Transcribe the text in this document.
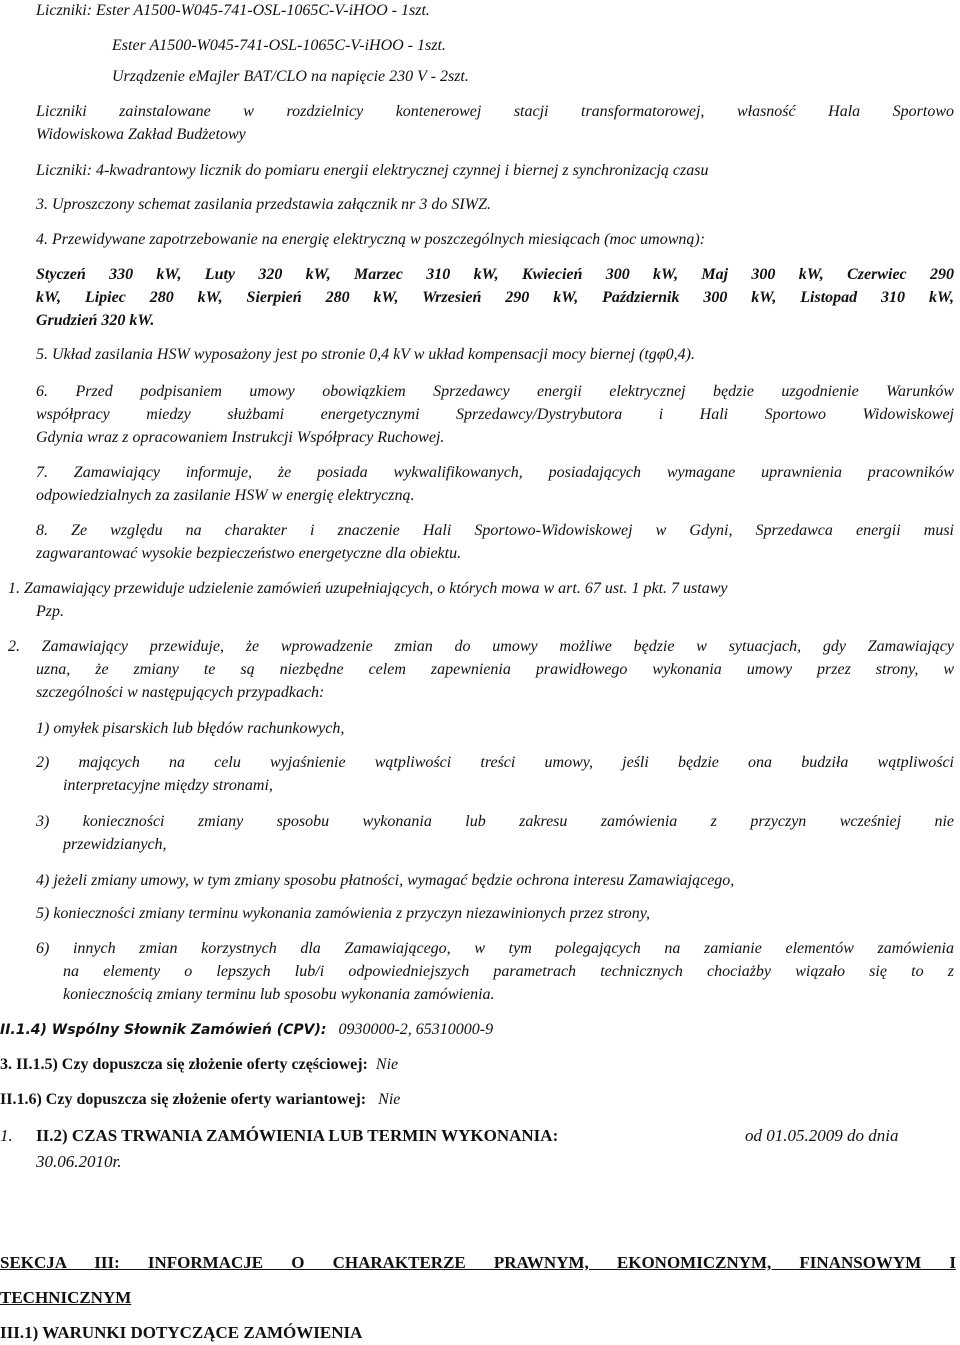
Liczniki: Ester A1500-W045-741-OSL-1065C-V-iHOO - 1szt.
Ester A1500-W045-741-OSL-1065C-V-iHOO - 1szt.
Urządzenie eMajler BAT/CLO na napięcie 230 V - 2szt.
Liczniki zainstalowane w rozdzielnicy kontenerowej stacji transformatorowej, własność Hala Sportowo
Widowiskowa Zakład Budżetowy
Liczniki: 4-kwadrantowy licznik do pomiaru energii elektrycznej czynnej i biernej z synchronizacją czasu
3. Uproszczony schemat zasilania przedstawia załącznik nr 3 do SIWZ.
4. Przewidywane zapotrzebowanie na energię elektryczną w poszczególnych miesiącach (moc umowną):
Styczeń 330 kW, Luty 320 kW, Marzec 310 kW, Kwiecień 300 kW, Maj 300 kW, Czerwiec 290
kW, Lipiec 280 kW, Sierpień 280 kW, Wrzesień 290 kW, Październik 300 kW, Listopad 310 kW,
Grudzień 320 kW.
5. Układ zasilania HSW wyposażony jest po stronie 0,4 kV w układ kompensacji mocy biernej (tgφ0,4).
6. Przed podpisaniem umowy obowiązkiem Sprzedawcy energii elektrycznej będzie uzgodnienie Warunków
współpracy miedzy służbami energetycznymi Sprzedawcy/Dystrybutora i Hali Sportowo Widowiskowej
Gdynia wraz z opracowaniem Instrukcji Współpracy Ruchowej.
7. Zamawiający informuje, że posiada wykwalifikowanych, posiadających wymagane uprawnienia pracowników
odpowiedzialnych za zasilanie HSW w energię elektryczną.
8. Ze względu na charakter i znaczenie Hali Sportowo-Widowiskowej w Gdyni, Sprzedawca energii musi
zagwarantować wysokie bezpieczeństwo energetyczne dla obiektu.
1. Zamawiający przewiduje udzielenie zamówień uzupełniających, o których mowa w art. 67 ust. 1 pkt. 7 ustawy
Pzp.
2. Zamawiający przewiduje, że wprowadzenie zmian do umowy możliwe będzie w sytuacjach, gdy Zamawiający
uzna, że zmiany te są niezbędne celem zapewnienia prawidłowego wykonania umowy przez strony, w
szczególności w następujących przypadkach:
1) omyłek pisarskich lub błędów rachunkowych,
2) mających na celu wyjaśnienie wątpliwości treści umowy, jeśli będzie ona budziła wątpliwości
interpretacyjne między stronami,
3) konieczności zmiany sposobu wykonania lub zakresu zamówienia z przyczyn wcześniej nie
przewidzianych,
4) jeżeli zmiany umowy, w tym zmiany sposobu płatności, wymagać będzie ochrona interesu Zamawiającego,
5) konieczności zmiany terminu wykonania zamówienia z przyczyn niezawinionych przez strony,
6) innych zmian korzystnych dla Zamawiającego, w tym polegających na zamianie elementów zamówienia
na elementy o lepszych lub/i odpowiedniejszych parametrach technicznych chociażby wiązało się to z
koniecznością zmiany terminu lub sposobu wykonania zamówienia.
II.1.4) Wspólny Słownik Zamówień (CPV): 0930000-2, 65310000-9
3. II.1.5) Czy dopuszcza się złożenie oferty częściowej: Nie
II.1.6) Czy dopuszcza się złożenie oferty wariantowej: Nie
1. II.2) CZAS TRWANIA ZAMÓWIENIA LUB TERMIN WYKONANIA:	od 01.05.2009 do dnia
30.06.2010r.
SEKCJA III: INFORMACJE O CHARAKTERZE PRAWNYM, EKONOMICZNYM, FINANSOWYM I
TECHNICZNYM
III.1) WARUNKI DOTYCZĄCE ZAMÓWIENIA
